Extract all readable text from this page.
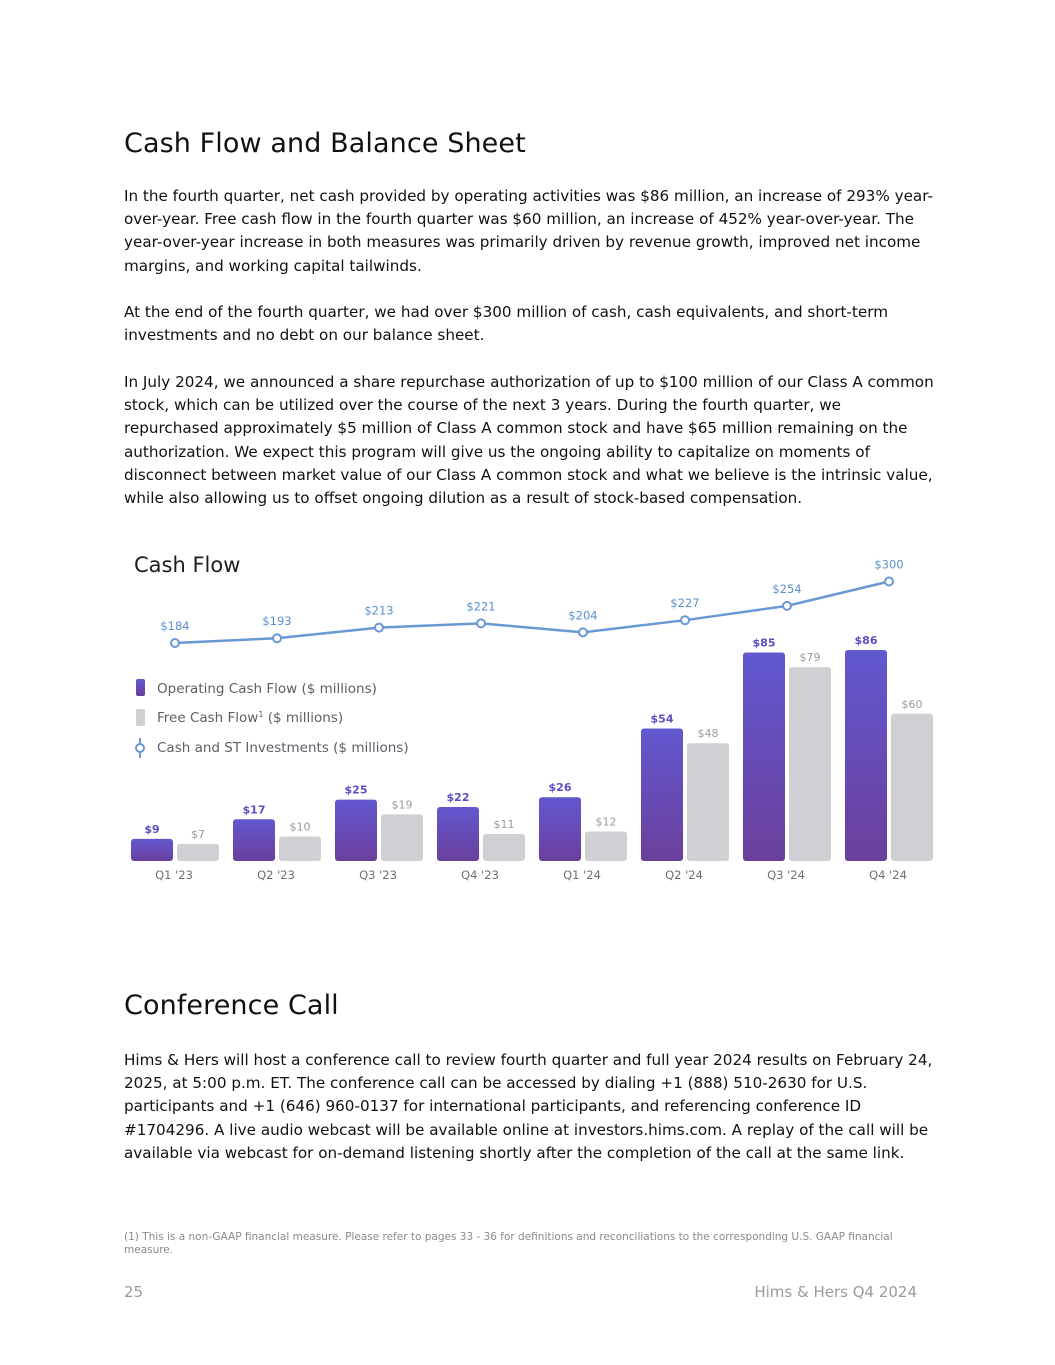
Cash Flow and Balance Sheet

In the fourth quarter, net cash provided by operating activities was $86 million, an increase of 293% year-over-year. Free cash flow in the fourth quarter was $60 million, an increase of 452% year-over-year. The year-over-year increase in both measures was primarily driven by revenue growth, improved net income margins, and working capital tailwinds.

At the end of the fourth quarter, we had over $300 million of cash, cash equivalents, and short-term investments and no debt on our balance sheet.

In July 2024, we announced a share repurchase authorization of up to $100 million of our Class A common stock, which can be utilized over the course of the next 3 years. During the fourth quarter, we repurchased approximately $5 million of Class A common stock and have $65 million remaining on the authorization. We expect this program will give us the ongoing ability to capitalize on moments of disconnect between market value of our Class A common stock and what we believe is the intrinsic value, while also allowing us to offset ongoing dilution as a result of stock-based compensation.

Conference Call

Hims & Hers will host a conference call to review fourth quarter and full year 2024 results on February 24, 2025, at 5:00 p.m. ET. The conference call can be accessed by dialing +1 (888) 510-2630 for U.S. participants and +1 (646) 960-0137 for international participants, and referencing conference ID #1704296. A live audio webcast will be available online at investors.hims.com. A replay of the call will be available via webcast for on-demand listening shortly after the completion of the call at the same link.

Cash Flow
$9	$7
$17
$10
$25
$19
$22
$11
$26
$12
$54
$48
$85
$79
$86
$60
$184	$193
$213	$221
$204
$227
$254
$300
Operating Cash Flow ($ millions)
Free Cash Flow$^1$ ($ millions)
Cash and ST Investments ($ millions)
Q1 '23	Q2 '23	Q3 '23	Q4 '23	Q1 '24	Q2 '24	Q3 '24	Q4 '24
(1) This is a non-GAAP financial measure. Please refer to pages 33 - 36 for definitions and reconciliations to the corresponding U.S. GAAP financial measure.
25	Hims & Hers Q4 2024
